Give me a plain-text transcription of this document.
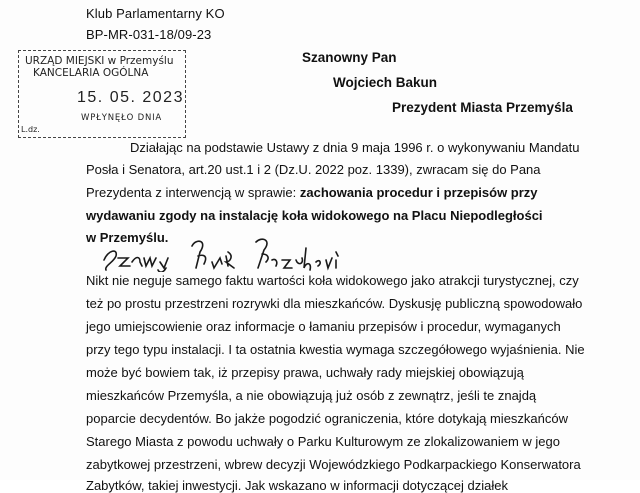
Klub Parlamentarny KO
BP-MR-031-18/09-23
URZĄD MIEJSKI w Przemyślu
KANCELARIA OGÓLNA
15. 05. 2023
WPŁYNĘŁO DNIA
L.dz.
Szanowny Pan
Wojciech Bakun
Prezydent Miasta Przemyśla
Działając na podstawie Ustawy z dnia 9 maja 1996 r. o wykonywaniu Mandatu
Posła i Senatora, art.20 ust.1 i 2 (Dz.U. 2022 poz. 1339), zwracam się do Pana
Prezydenta z interwencją w sprawie: zachowania procedur i przepisów przy
wydawaniu zgody na instalację koła widokowego na Placu Niepodległości
w Przemyślu.
Nikt nie neguje samego faktu wartości koła widokowego jako atrakcji turystycznej, czy
też po prostu przestrzeni rozrywki dla mieszkańców. Dyskusję publiczną spowodowało
jego umiejscowienie oraz informacje o łamaniu przepisów i procedur, wymaganych
przy tego typu instalacji. I ta ostatnia kwestia wymaga szczegółowego wyjaśnienia. Nie
może być bowiem tak, iż przepisy prawa, uchwały rady miejskiej obowiązują
mieszkańców Przemyśla, a nie obowiązują już osób z zewnątrz, jeśli te znajdą
poparcie decydentów. Bo jakże pogodzić ograniczenia, które dotykają mieszkańców
Starego Miasta z powodu uchwały o Parku Kulturowym ze zlokalizowaniem w jego
zabytkowej przestrzeni, wbrew decyzji Wojewódzkiego Podkarpackiego Konserwatora
Zabytków, takiej inwestycji. Jak wskazano w informacji dotyczącej działek
